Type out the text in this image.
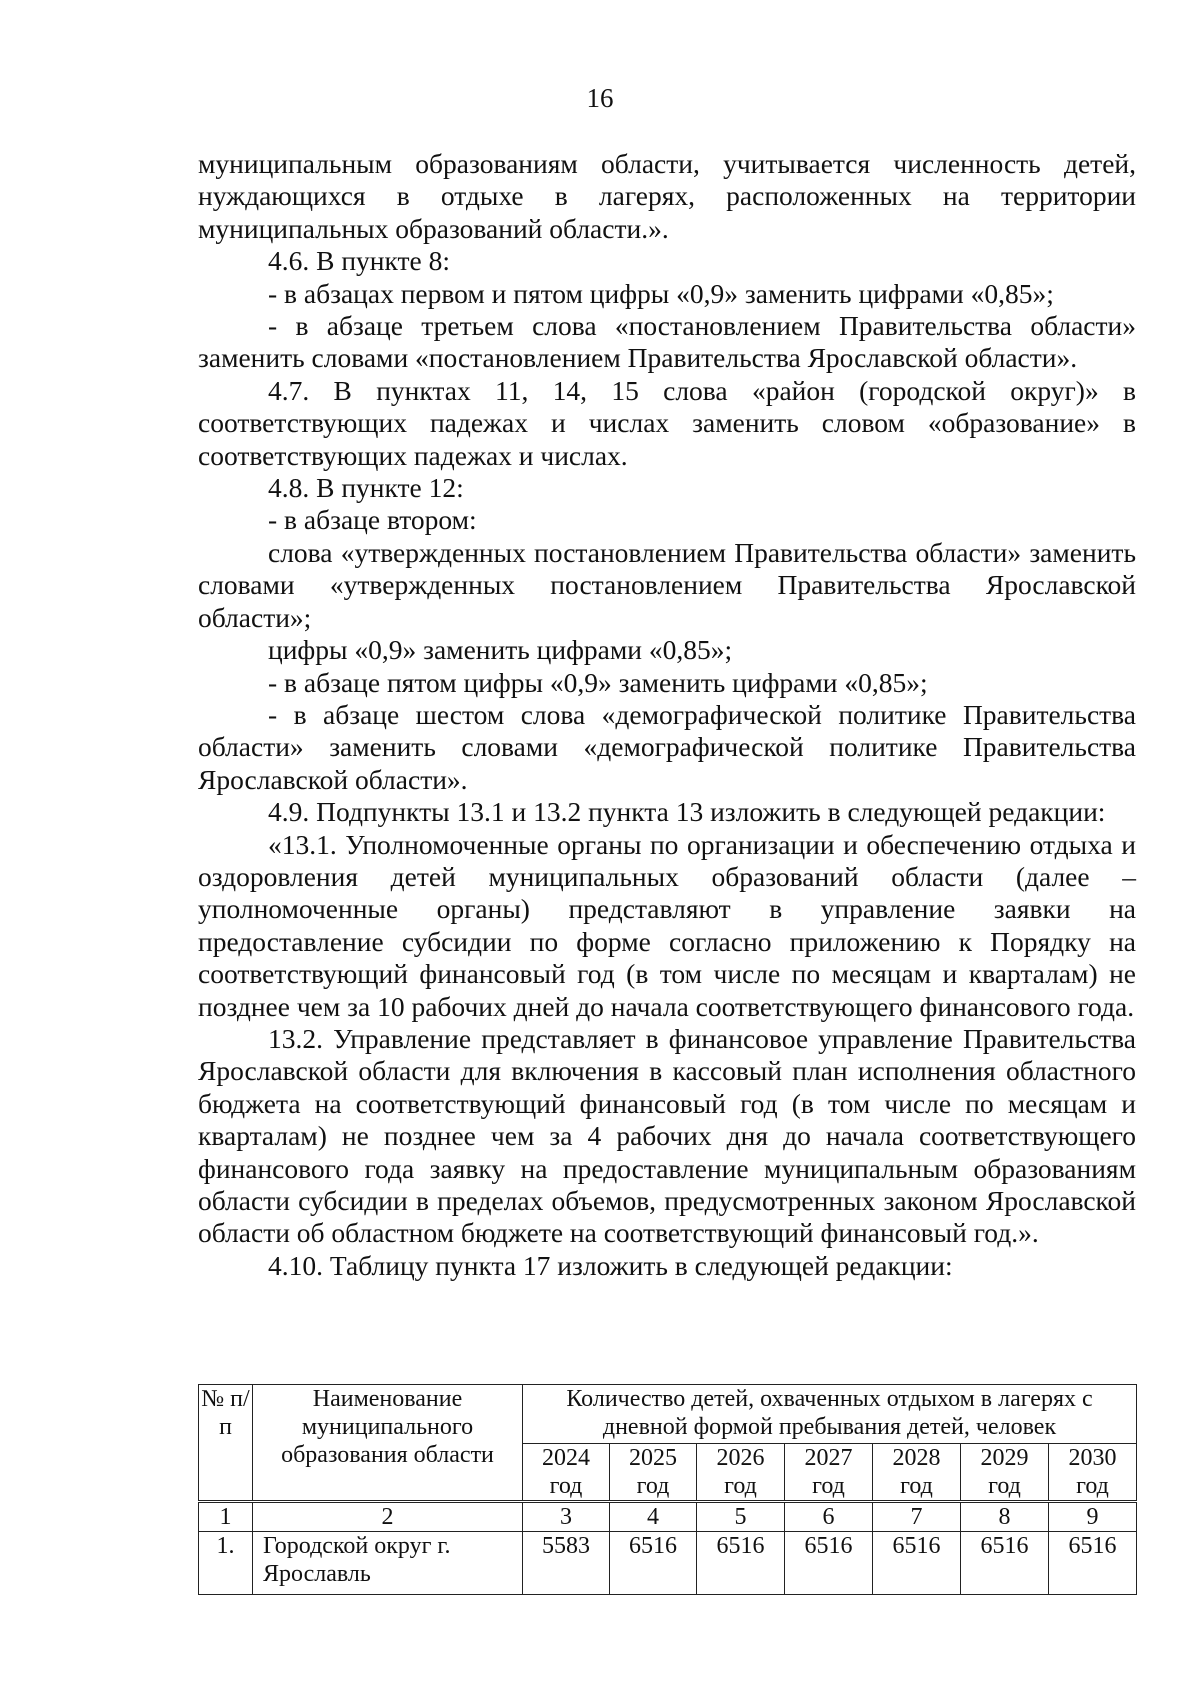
16

муниципальным образованиям области, учитывается численность детей, нуждающихся в отдыхе в лагерях, расположенных на территории муниципальных образований области.».

4.6. В пункте 8:

- в абзацах первом и пятом цифры «0,9» заменить цифрами «0,85»;

- в абзаце третьем слова «постановлением Правительства области» заменить словами «постановлением Правительства Ярославской области».

4.7. В пунктах 11, 14, 15 слова «район (городской округ)» в соответствующих падежах и числах заменить словом «образование» в соответствующих падежах и числах.

4.8. В пункте 12:

- в абзаце втором:

слова «утвержденных постановлением Правительства области» заменить словами «утвержденных постановлением Правительства Ярославской области»;

цифры «0,9» заменить цифрами «0,85»;

- в абзаце пятом цифры «0,9» заменить цифрами «0,85»;

- в абзаце шестом слова «демографической политике Правительства области» заменить словами «демографической политике Правительства Ярославской области».

4.9. Подпункты 13.1 и 13.2 пункта 13 изложить в следующей редакции:

«13.1. Уполномоченные органы по организации и обеспечению отдыха и оздоровления детей муниципальных образований области (далее – уполномоченные органы) представляют в управление заявки на предоставление субсидии по форме согласно приложению к Порядку на соответствующий финансовый год (в том числе по месяцам и кварталам) не позднее чем за 10 рабочих дней до начала соответствующего финансового года.

13.2. Управление представляет в финансовое управление Правительства Ярославской области для включения в кассовый план исполнения областного бюджета на соответствующий финансовый год (в том числе по месяцам и кварталам) не позднее чем за 4 рабочих дня до начала соответствующего финансового года заявку на предоставление муниципальным образованиям области субсидии в пределах объемов, предусмотренных законом Ярославской области об областном бюджете на соответствующий финансовый год.».

4.10. Таблицу пункта 17 изложить в следующей редакции:

№ п/п	Наименование муниципального образования области	Количество детей, охваченных отдыхом в лагерях с дневной формой пребывания детей, человек						
		2024 год	2025 год	2026 год	2027 год	2028 год	2029 год	2030 год
1	2	3	4	5	6	7	8	9
1.	Городской округ г. Ярославль	5583	6516	6516	6516	6516	6516	6516
